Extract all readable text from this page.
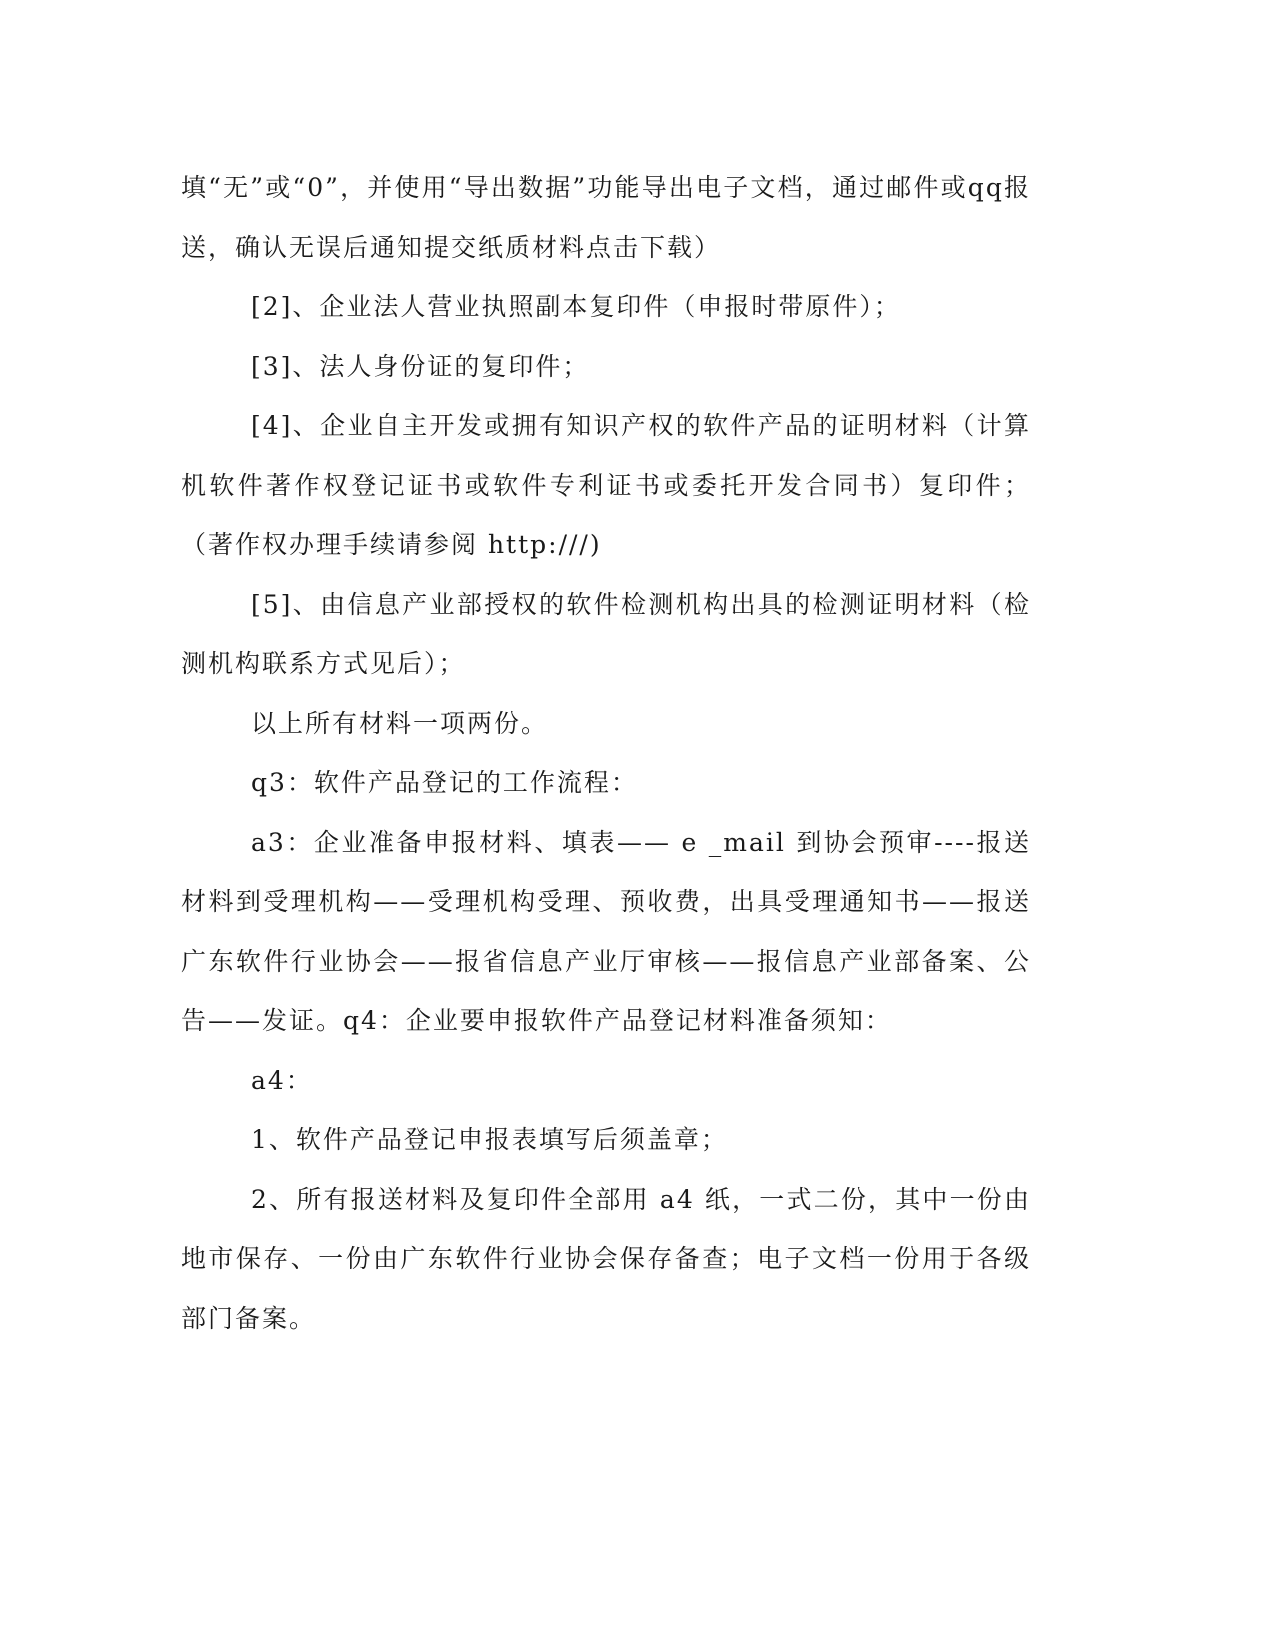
填“无”或“0”，并使用“导出数据”功能导出电子文档，通过邮件或qq报送，确认无误后通知提交纸质材料点击下载）

[2]、企业法人营业执照副本复印件（申报时带原件）；

[3]、法人身份证的复印件；

[4]、企业自主开发或拥有知识产权的软件产品的证明材料（计算机软件著作权登记证书或软件专利证书或委托开发合同书）复印件；（著作权办理手续请参阅 http:///)

[5]、由信息产业部授权的软件检测机构出具的检测证明材料（检测机构联系方式见后）；

以上所有材料一项两份。

q3：软件产品登记的工作流程：

a3：企业准备申报材料、填表—— e _mail 到协会预审----报送材料到受理机构——受理机构受理、预收费，出具受理通知书——报送广东软件行业协会——报省信息产业厅审核——报信息产业部备案、公告——发证。q4：企业要申报软件产品登记材料准备须知：

a4：

1、软件产品登记申报表填写后须盖章；

2、所有报送材料及复印件全部用 a4 纸，一式二份，其中一份由地市保存、一份由广东软件行业协会保存备查；电子文档一份用于各级部门备案。
